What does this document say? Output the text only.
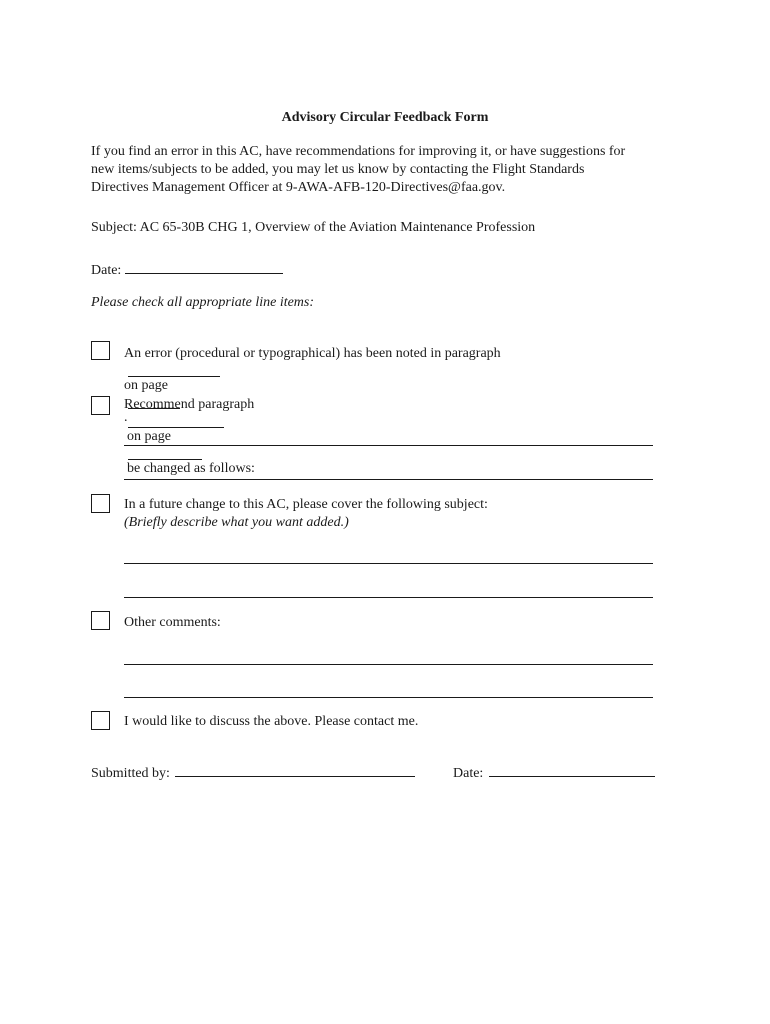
Advisory Circular Feedback Form
If you find an error in this AC, have recommendations for improving it, or have suggestions for
new items/subjects to be added, you may let us know by contacting the Flight Standards
Directives Management Officer at 9-AWA-AFB-120-Directives@faa.gov.
Subject: AC 65-30B CHG 1, Overview of the Aviation Maintenance Profession
Date:
Please check all appropriate line items:
An error (procedural or typographical) has been noted in paragraph
on page
.
Recommend paragraph
on page
be changed as follows:
In a future change to this AC, please cover the following subject:
(Briefly describe what you want added.)
Other comments:
I would like to discuss the above. Please contact me.
Submitted by:	Date:
